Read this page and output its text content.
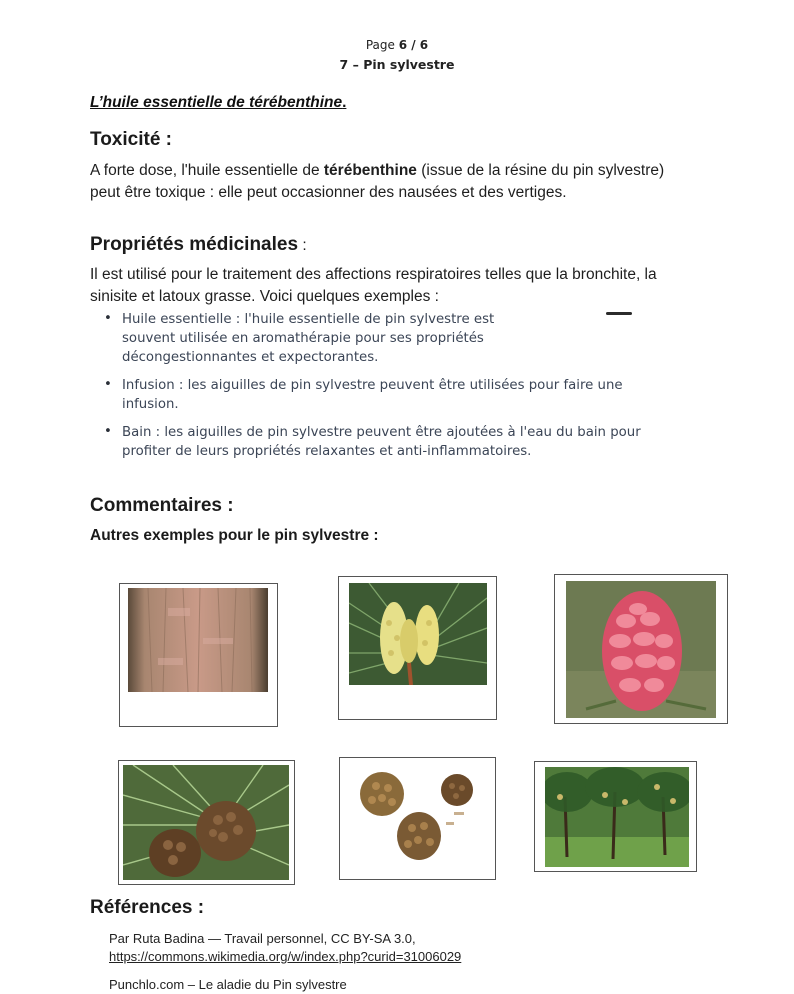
Page 6 / 6
7 – Pin sylvestre
L’huile essentielle de térébenthine.
Toxicité :
A forte dose, l'huile essentielle de térébenthine (issue de la résine du pin sylvestre)
peut être toxique : elle peut occasionner des nausées et des vertiges.
Propriétés médicinales :
Il est utilisé pour le traitement des affections respiratoires telles que la bronchite, la
sinisite et latoux grasse. Voici quelques exemples :
• Huile essentielle : l'huile essentielle de pin sylvestre est
souvent utilisée en aromathérapie pour ses propriétés
décongestionnantes et expectorantes.
• Infusion : les aiguilles de pin sylvestre peuvent être utilisées pour faire une
infusion.
• Bain : les aiguilles de pin sylvestre peuvent être ajoutées à l'eau du bain pour
profiter de leurs propriétés relaxantes et anti-inflammatoires.
Commentaires :
Autres exemples pour le pin sylvestre :
Références :
Par Ruta Badina — Travail personnel, CC BY-SA 3.0,
https://commons.wikimedia.org/w/index.php?curid=31006029
Punchlo.com – Le aladie du Pin sylvestre
